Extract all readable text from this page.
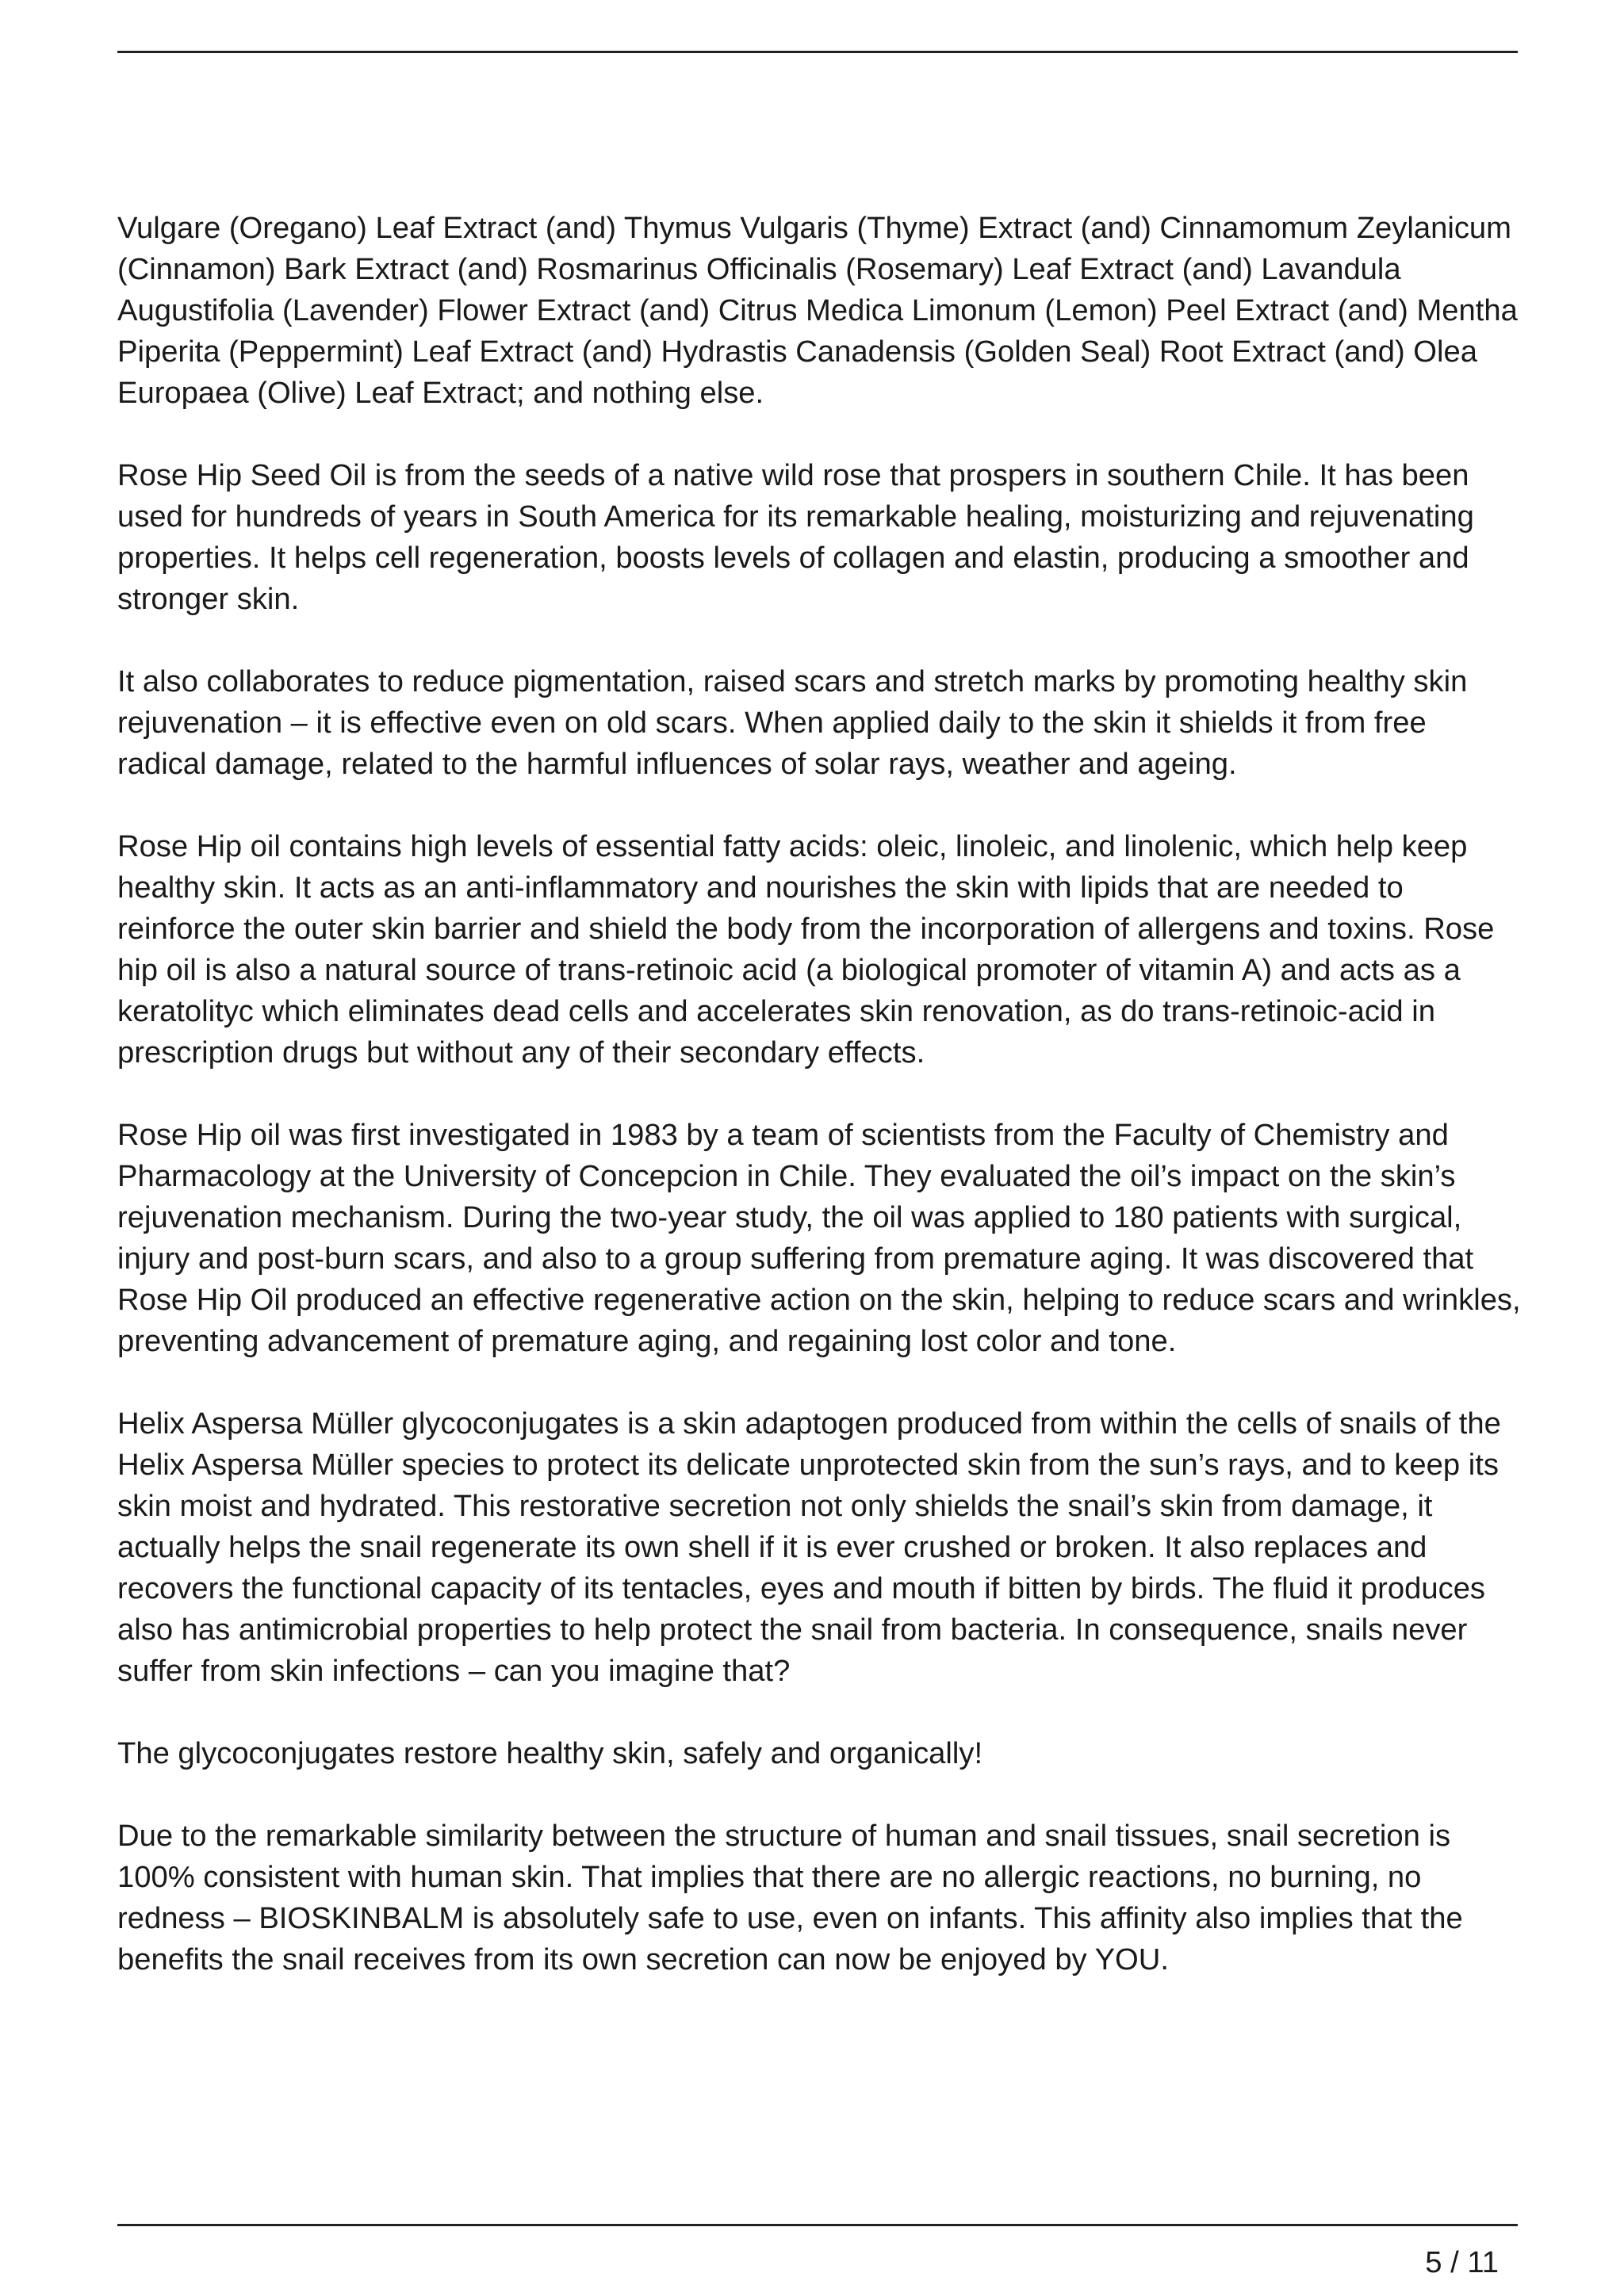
Vulgare (Oregano) Leaf Extract (and) Thymus Vulgaris (Thyme) Extract (and) Cinnamomum Zeylanicum (Cinnamon) Bark Extract (and) Rosmarinus Officinalis (Rosemary) Leaf Extract (and) Lavandula Augustifolia (Lavender) Flower Extract (and) Citrus Medica Limonum (Lemon) Peel Extract (and) Mentha Piperita (Peppermint) Leaf Extract (and) Hydrastis Canadensis (Golden Seal) Root Extract (and) Olea Europaea (Olive) Leaf Extract; and nothing else.

Rose Hip Seed Oil is from the seeds of a native wild rose that prospers in southern Chile. It has been used for hundreds of years in South America for its remarkable healing, moisturizing and rejuvenating properties. It helps cell regeneration, boosts levels of collagen and elastin, producing a smoother and stronger skin.

It also collaborates to reduce pigmentation, raised scars and stretch marks by promoting healthy skin rejuvenation – it is effective even on old scars. When applied daily to the skin it shields it from free radical damage, related to the harmful influences of solar rays, weather and ageing.

Rose Hip oil contains high levels of essential fatty acids: oleic, linoleic, and linolenic, which help keep healthy skin. It acts as an anti-inflammatory and nourishes the skin with lipids that are needed to reinforce the outer skin barrier and shield the body from the incorporation of allergens and toxins. Rose hip oil is also a natural source of trans-retinoic acid (a biological promoter of vitamin A) and acts as a keratolityc which eliminates dead cells and accelerates skin renovation, as do trans-retinoic-acid in prescription drugs but without any of their secondary effects.

Rose Hip oil was first investigated in 1983 by a team of scientists from the Faculty of Chemistry and Pharmacology at the University of Concepcion in Chile. They evaluated the oil’s impact on the skin’s rejuvenation mechanism. During the two-year study, the oil was applied to 180 patients with surgical, injury and post-burn scars, and also to a group suffering from premature aging. It was discovered that Rose Hip Oil produced an effective regenerative action on the skin, helping to reduce scars and wrinkles, preventing advancement of premature aging, and regaining lost color and tone.

Helix Aspersa Müller glycoconjugates is a skin adaptogen produced from within the cells of snails of the Helix Aspersa Müller species to protect its delicate unprotected skin from the sun’s rays, and to keep its skin moist and hydrated. This restorative secretion not only shields the snail’s skin from damage, it actually helps the snail regenerate its own shell if it is ever crushed or broken. It also replaces and recovers the functional capacity of its tentacles, eyes and mouth if bitten by birds. The fluid it produces also has antimicrobial properties to help protect the snail from bacteria. In consequence, snails never suffer from skin infections – can you imagine that?

The glycoconjugates restore healthy skin, safely and organically!

Due to the remarkable similarity between the structure of human and snail tissues, snail secretion is 100% consistent with human skin. That implies that there are no allergic reactions, no burning, no redness – BIOSKINBALM is absolutely safe to use, even on infants. This affinity also implies that the benefits the snail receives from its own secretion can now be enjoyed by YOU.

5 / 11
